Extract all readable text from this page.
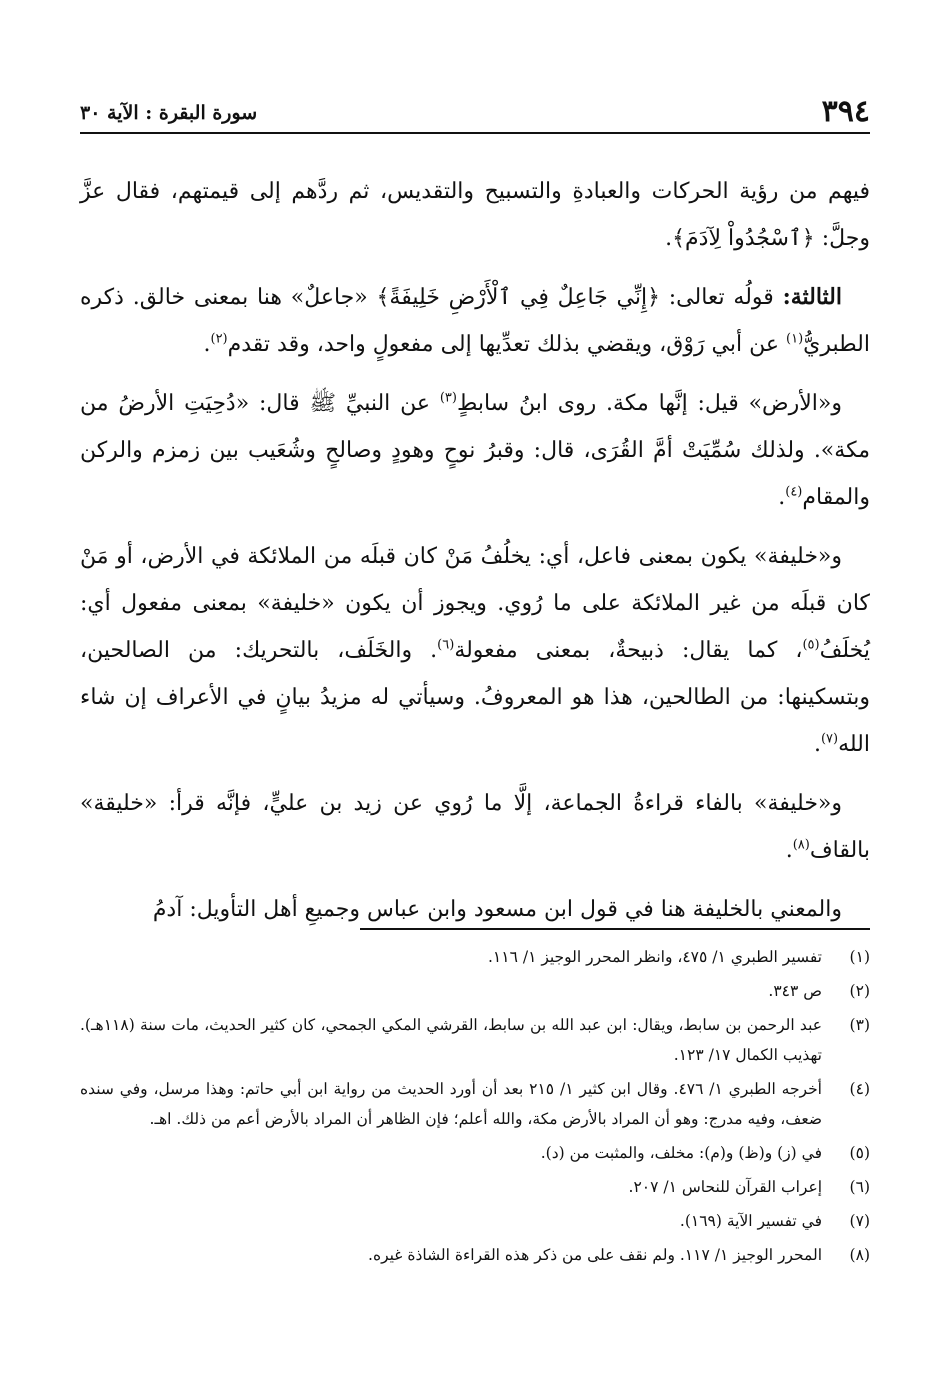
٣٩٤
سورة البقرة : الآية ٣٠

فيهم من رؤية الحركات والعبادةِ والتسبيح والتقديس، ثم ردَّهم إلى قيمتهم، فقال عزَّ وجلَّ: ﴿ٱسْجُدُواْ لِآدَمَ﴾.

الثالثة: قولُه تعالى: ﴿إِنِّي جَاعِلٌ فِي ٱلْأَرْضِ خَلِيفَةً﴾ «جاعلٌ» هنا بمعنى خالق. ذكره الطبريُّ$^{(١)}$ عن أبي رَوْق، ويقضي بذلك تعدِّيها إلى مفعولٍ واحد، وقد تقدم$^{(٢)}$.

و«الأرض» قيل: إنَّها مكة. روى ابنُ سابطٍ$^{(٣)}$ عن النبيِّ ﷺ قال: «دُحِيَتِ الأرضُ من مكة». ولذلك سُمِّيَتْ أمَّ القُرَى، قال: وقبرُ نوحٍ وهودٍ وصالحٍ وشُعَيب بين زمزم والركن والمقام$^{(٤)}$.

و«خليفة» يكون بمعنى فاعل، أي: يخلُفُ مَنْ كان قبلَه من الملائكة في الأرض، أو مَنْ كان قبلَه من غير الملائكة على ما رُوي. ويجوز أن يكون «خليفة» بمعنى مفعول أي: يُخلَفُ$^{(٥)}$، كما يقال: ذبيحةٌ، بمعنى مفعولة$^{(٦)}$. والخَلَف، بالتحريك: من الصالحين، وبتسكينها: من الطالحين، هذا هو المعروفُ. وسيأتي له مزيدُ بيانٍ في الأعراف إن شاء الله$^{(٧)}$.

و«خليفة» بالفاء قراءةُ الجماعة، إلَّا ما رُوي عن زيد بن عليٍّ، فإنَّه قرأ: «خليقة» بالقاف$^{(٨)}$.

والمعني بالخليفة هنا في قول ابن مسعود وابن عباس وجميعِ أهل التأويل: آدمُ

(١)
تفسير الطبري ١/ ٤٧٥، وانظر المحرر الوجيز ١/ ١١٦.
(٢)
ص ٣٤٣.
(٣)
عبد الرحمن بن سابط، ويقال: ابن عبد الله بن سابط، القرشي المكي الجمحي، كان كثير الحديث، مات سنة (١١٨هـ). تهذيب الكمال ١٧/ ١٢٣.
(٤)
أخرجه الطبري ١/ ٤٧٦. وقال ابن كثير ١/ ٢١٥ بعد أن أورد الحديث من رواية ابن أبي حاتم: وهذا مرسل، وفي سنده ضعف، وفيه مدرج: وهو أن المراد بالأرض مكة، والله أعلم؛ فإن الظاهر أن المراد بالأرض أعم من ذلك. اهـ.
(٥)
في (ز) و(ظ) و(م): مخلف، والمثبت من (د).
(٦)
إعراب القرآن للنحاس ١/ ٢٠٧.
(٧)
في تفسير الآية (١٦٩).
(٨)
المحرر الوجيز ١/ ١١٧. ولم نقف على من ذكر هذه القراءة الشاذة غيره.
